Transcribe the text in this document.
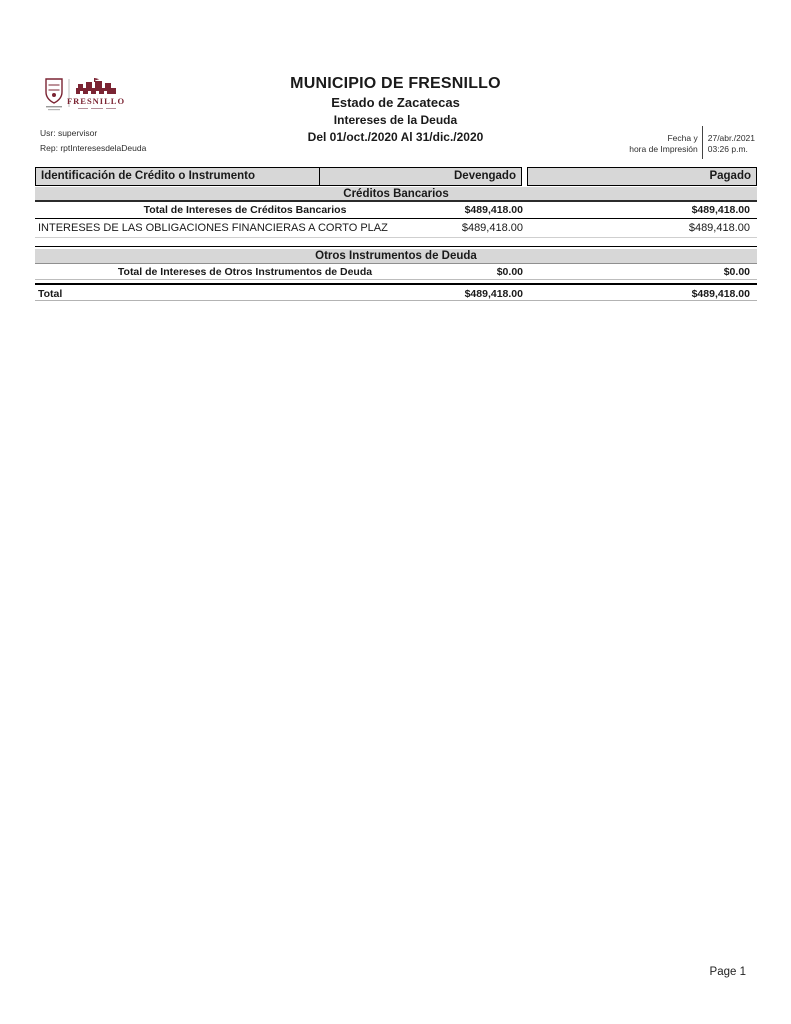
FRESNILLO
MUNICIPIO DE FRESNILLO
Estado de Zacatecas
Intereses de la Deuda
Del 01/oct./2020 Al 31/dic./2020
Usr: supervisor
Rep: rptInteresesdelaDeuda
Fecha y
hora de Impresión
27/abr./2021
03:26 p.m.
Identificación de Crédito o Instrumento	Devengado	Pagado
Créditos Bancarios
Total de Intereses de Créditos Bancarios	$489,418.00	$489,418.00
INTERESES DE LAS OBLIGACIONES FINANCIERAS A CORTO PLAZ	$489,418.00	$489,418.00
Otros Instrumentos de Deuda
Total de Intereses de Otros Instrumentos de Deuda	$0.00	$0.00
Total	$489,418.00	$489,418.00
Page 1
